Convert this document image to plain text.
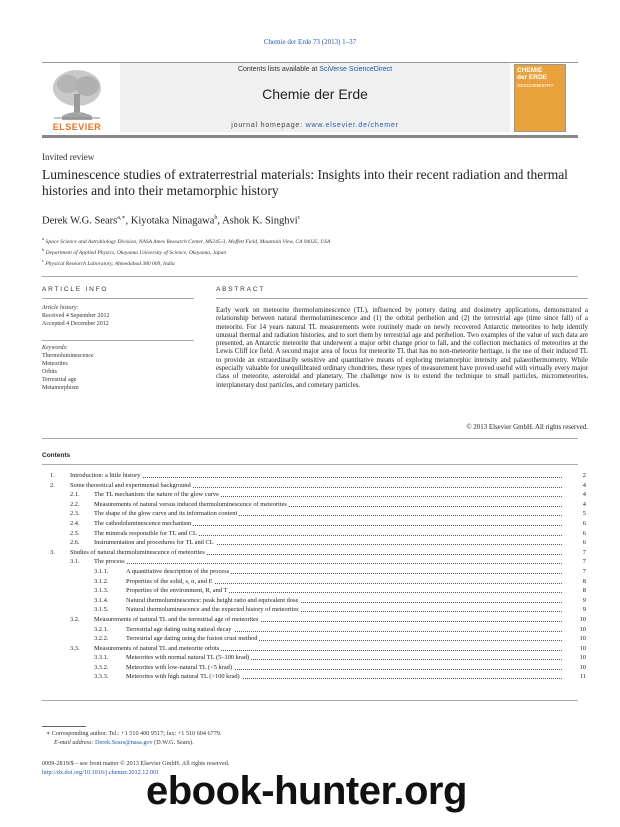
Chemie der Erde 73 (2013) 1–37
ELSEVIER
Contents lists available at SciVerse ScienceDirect
Chemie der Erde
journal homepage: www.elsevier.de/chemer
CHEMIE
der ERDE
GEOCHEMISTRY
Invited review
Luminescence studies of extraterrestrial materials: Insights into their recent radiation and thermal histories and into their metamorphic history
Derek W.G. Sears$^{a,∗}$, Kiyotaka Ninagawa$^b$, Ashok K. Singhvi$^c$
$^a$ Space Science and Astrobiology Division, NASA Ames Research Center, MS245-3, Moffett Field, Mountain View, CA 94035, USA
$^b$ Department of Applied Physics, Okayama University of Science, Okayama, Japan
$^c$ Physical Research Laboratory, Ahmedabad 380 009, India
ARTICLE INFO
Article history:
Received 4 September 2012
Accepted 4 December 2012
Keywords:
Thermoluminescence
Meteorites
Orbits
Terrestrial age
Metamorphism
ABSTRACT
Early work on meteorite thermoluminescence (TL), influenced by pottery dating and dosimetry applications, demonstrated a relationship between natural thermoluminescence and (1) the orbital perihelion and (2) the terrestrial age (time since fall) of a meteorite. For 14 years natural TL measurements were routinely made on newly recovered Antarctic meteorites to help identify unusual thermal and radiation histories, and to sort them by terrestrial age and perihelion. Two examples of the value of such data are presented, an Antarctic meteorite that underwent a major orbit change prior to fall, and the collection mechanics of meteorites at the Lewis Cliff ice field. A second major area of focus for meteorite TL that has no non-meteorite heritage, is the use of their induced TL to provide an extraordinarily sensitive and quantitative means of exploring metamorphic intensity and palaeothermometry. While especially valuable for unequilibrated ordinary chondrites, these types of measurement have proved useful with virtually every major class of meteorite, asteroidal and planetary. The challenge now is to extend the technique to small particles, micrometeorites, interplanetary dust particles, and cometary particles.
© 2013 Elsevier GmbH. All rights reserved.
Contents
1. Introduction: a little history	2
2. Some theoretical and experimental background	4
2.1. The TL mechanism: the nature of the glow curve	4
2.2. Measurements of natural versus induced thermoluminescence of meteorites	4
2.3. The shape of the glow curve and its information content	5
2.4. The cathodoluminescence mechanism	6
2.5. The minerals responsible for TL and CL	6
2.6. Instrumentation and procedures for TL and CL	6
3. Studies of natural thermoluminescence of meteorites	7
3.1. The process	7
3.1.1.	A quantitative description of the process	7
3.1.2.	Properties of the solid, s, α, and E	8
3.1.3.	Properties of the environment, R, and T	8
3.1.4.	Natural thermoluminescence: peak height ratio and equivalent dose	9
3.1.5.	Natural thermoluminescence and the expected history of meteorites	9
3.2. Measurements of natural TL and the terrestrial age of meteorites	10
3.2.1.	Terrestrial age dating using natural decay	10
3.2.2.	Terrestrial age dating using the fusion crust method	10
3.3. Measurements of natural TL and meteorite orbits	10
3.3.1.	Meteorites with normal natural TL (5–100 krad)	10
3.3.2.	Meteorites with low-natural TL (<5 krad)	10
3.3.3.	Meteorites with high natural TL (>100 krad)	11
∗ Corresponding author. Tel.: +1 510 400 9517; fax: +1 510 604 6779.
E-mail address: Derek.Sears@nasa.gov (D.W.G. Sears).
0009-2819/$ – see front matter © 2013 Elsevier GmbH. All rights reserved.
http://dx.doi.org/10.1016/j.chemer.2012.12.001
ebook-hunter.org
